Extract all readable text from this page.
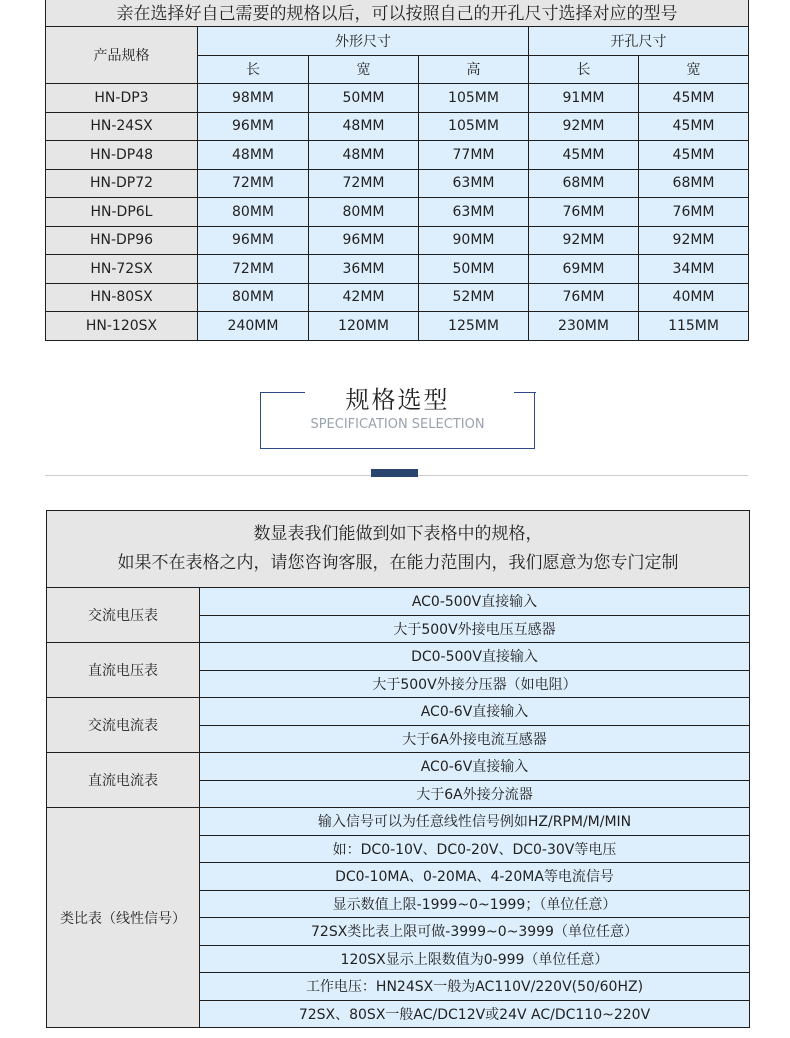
亲在选择好自己需要的规格以后，可以按照自己的开孔尺寸选择对应的型号					
产品规格	外形尺寸			开孔尺寸	
	长	宽	高	长	宽
HN-DP3	98MM	50MM	105MM	91MM	45MM
HN-24SX	96MM	48MM	105MM	92MM	45MM
HN-DP48	48MM	48MM	77MM	45MM	45MM
HN-DP72	72MM	72MM	63MM	68MM	68MM
HN-DP6L	80MM	80MM	63MM	76MM	76MM
HN-DP96	96MM	96MM	90MM	92MM	92MM
HN-72SX	72MM	36MM	50MM	69MM	34MM
HN-80SX	80MM	42MM	52MM	76MM	40MM
HN-120SX	240MM	120MM	125MM	230MM	115MM
规格选型
SPECIFICATION SELECTION
数显表我们能做到如下表格中的规格，
如果不在表格之内，请您咨询客服，在能力范围内，我们愿意为您专门定制	

交流电压表	AC0-500V直接输入
	大于500V外接电压互感器
直流电压表	DC0-500V直接输入
	大于500V外接分压器（如电阻）
交流电流表	AC0-6V直接输入
	大于6A外接电流互感器
直流电流表	AC0-6V直接输入
	大于6A外接分流器
类比表（线性信号）	输入信号可以为任意线性信号例如HZ/RPM/M/MIN
	如：DC0-10V、DC0-20V、DC0-30V等电压
	DC0-10MA、0-20MA、4-20MA等电流信号
	显示数值上限-1999~0~1999；（单位任意）
	72SX类比表上限可做-3999~0~3999（单位任意）
	120SX显示上限数值为0-999（单位任意）
	工作电压：HN24SX一般为AC110V/220V(50/60HZ)
	72SX、80SX一般AC/DC12V或24V AC/DC110~220V
